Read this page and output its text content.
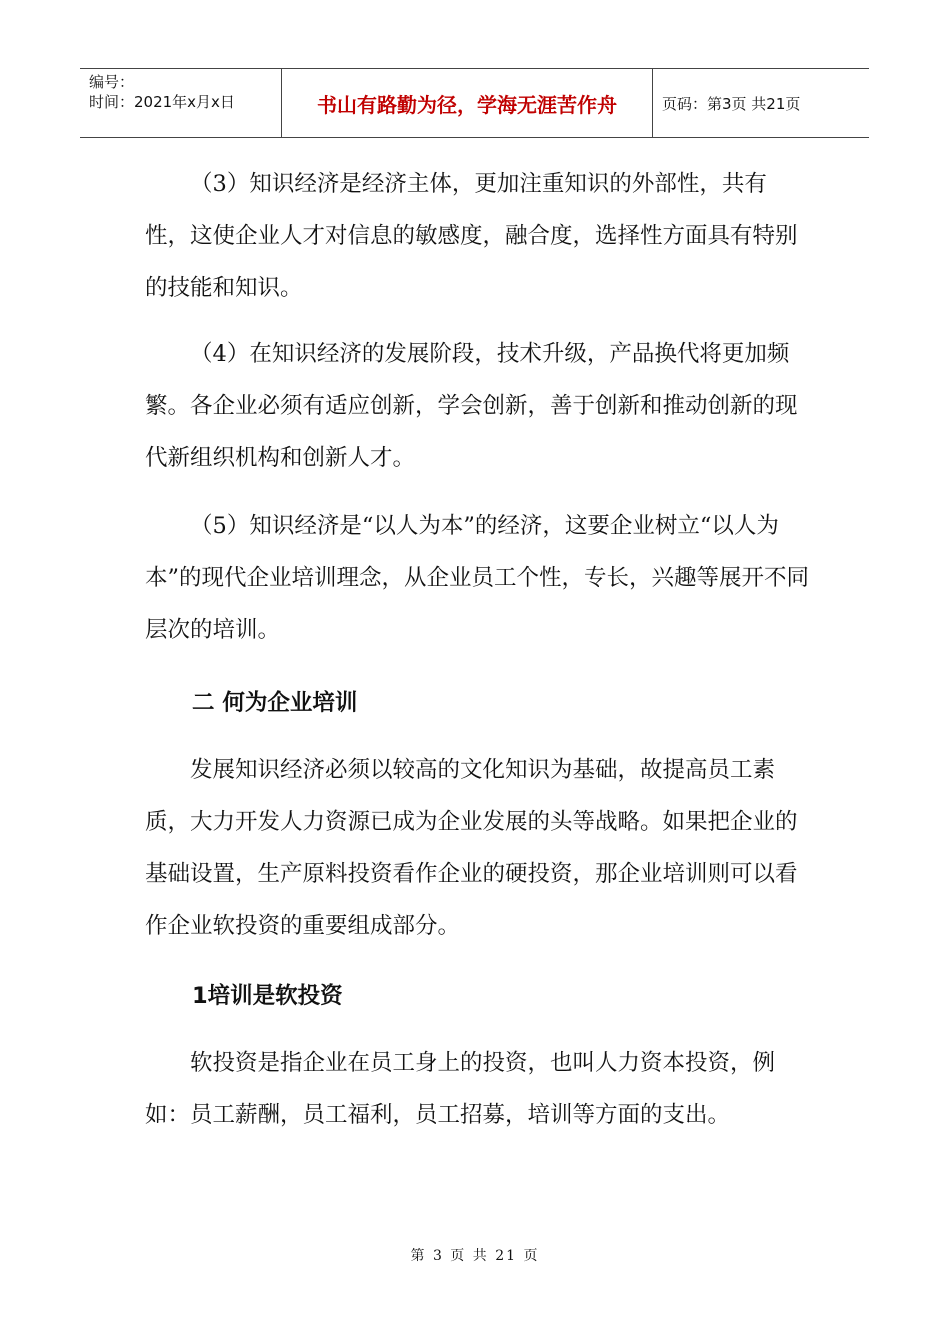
编号：
时间：2021年x月x日	书山有路勤为径，学海无涯苦作舟	页码：第3页 共21页

（3）知识经济是经济主体，更加注重知识的外部性，共有性，这使企业人才对信息的敏感度，融合度，选择性方面具有特别的技能和知识。

（4）在知识经济的发展阶段，技术升级，产品换代将更加频繁。各企业必须有适应创新，学会创新，善于创新和推动创新的现代新组织机构和创新人才。

（5）知识经济是“以人为本”的经济，这要企业树立“以人为本”的现代企业培训理念，从企业员工个性，专长，兴趣等展开不同层次的培训。

二 何为企业培训

发展知识经济必须以较高的文化知识为基础，故提高员工素质，大力开发人力资源已成为企业发展的头等战略。如果把企业的基础设置，生产原料投资看作企业的硬投资，那企业培训则可以看作企业软投资的重要组成部分。

1培训是软投资

软投资是指企业在员工身上的投资，也叫人力资本投资，例如：员工薪酬，员工福利，员工招募，培训等方面的支出。

第 3 页 共 21 页
